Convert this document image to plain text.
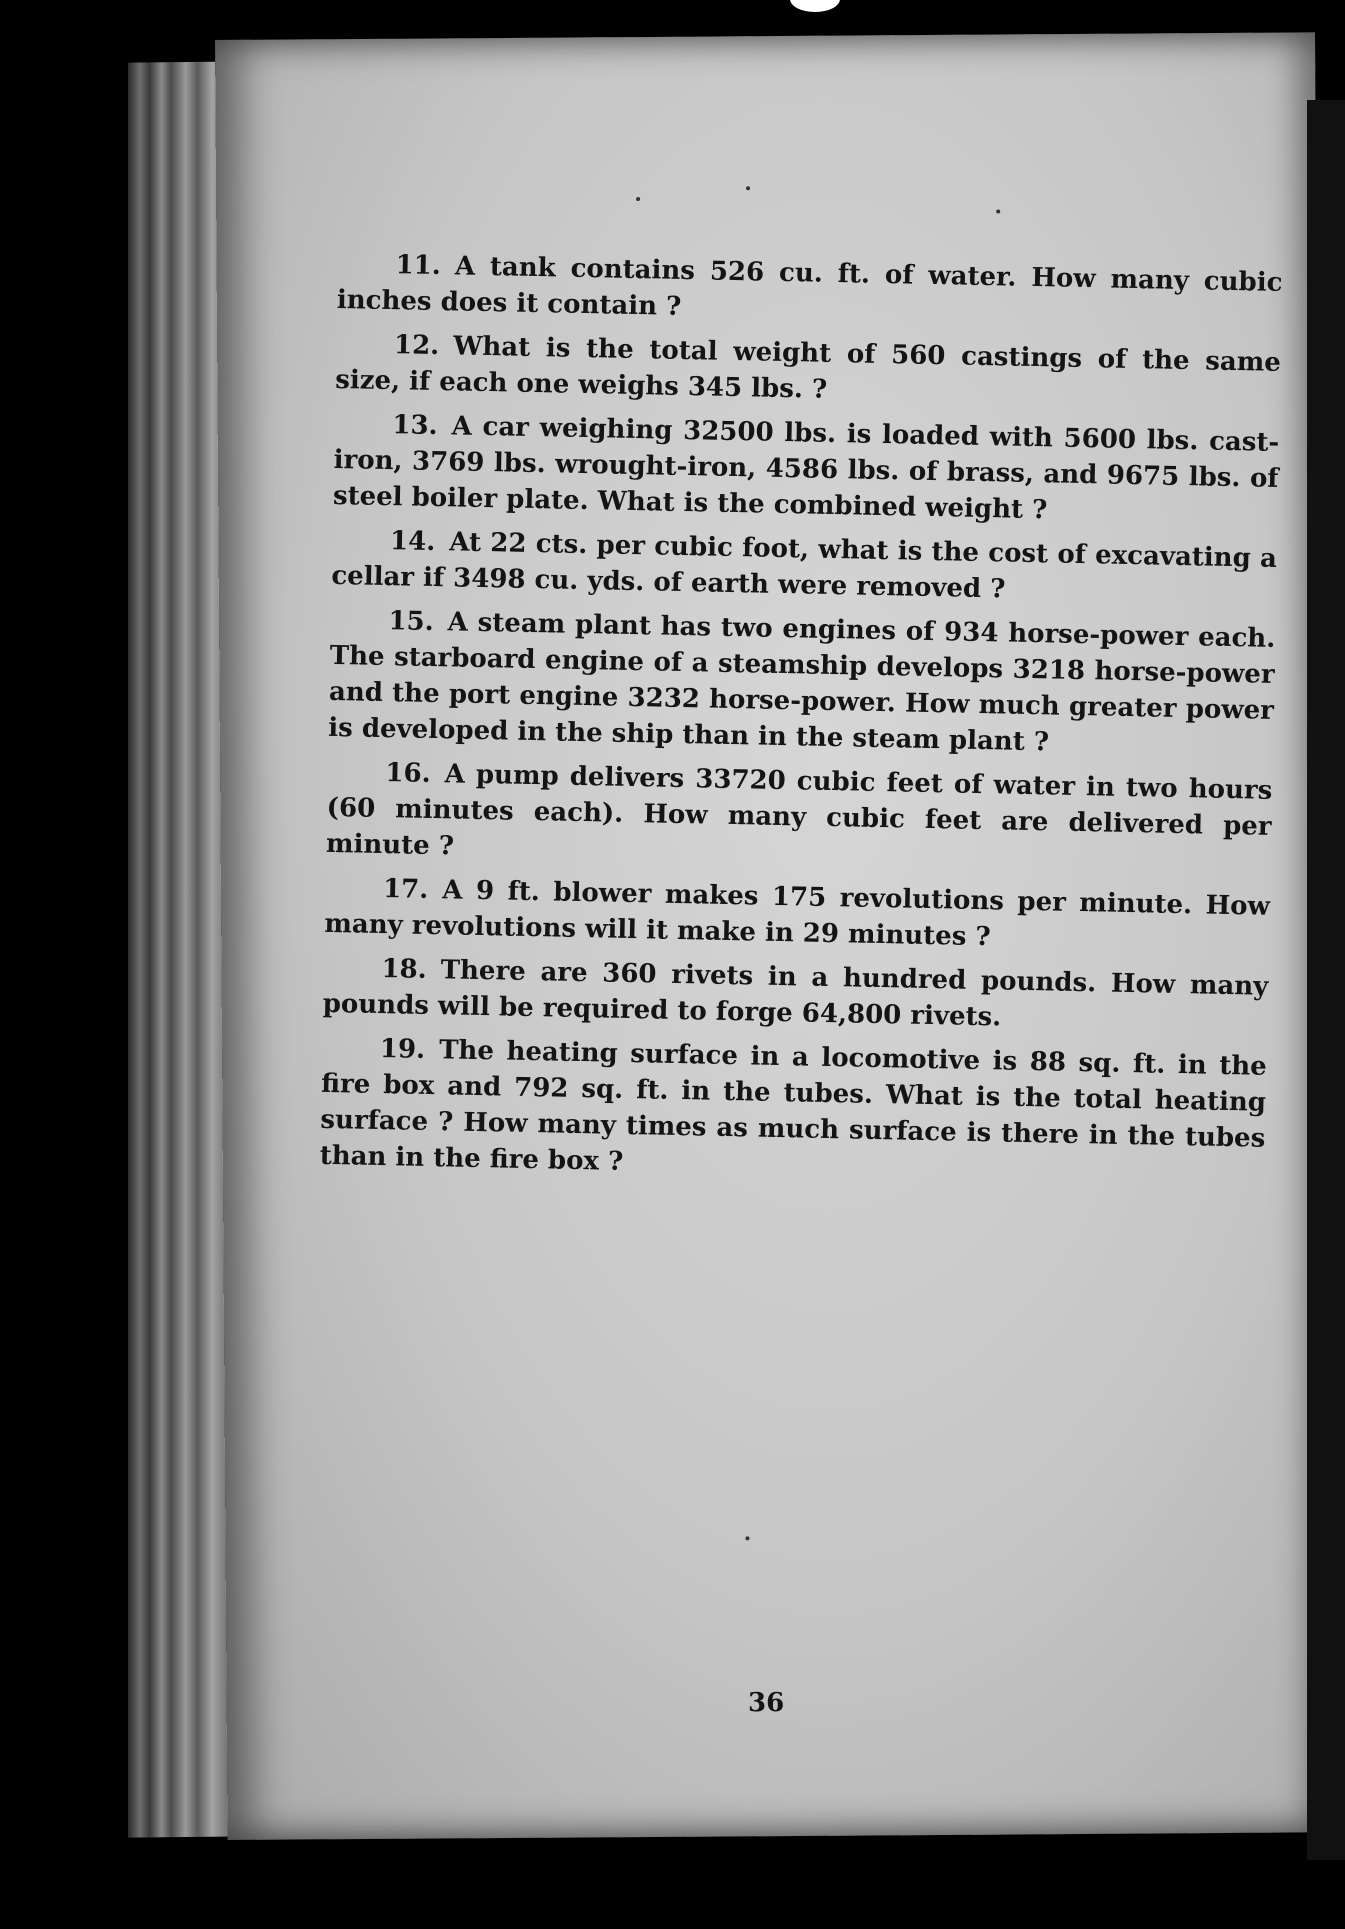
11. A tank contains 526 cu. ft. of water. How many cubic inches does it contain ?

12. What is the total weight of 560 castings of the same size, if each one weighs 345 lbs. ?

13. A car weighing 32500 lbs. is loaded with 5600 lbs. cast-iron, 3769 lbs. wrought-iron, 4586 lbs. of brass, and 9675 lbs. of steel boiler plate. What is the combined weight ?

14. At 22 cts. per cubic foot, what is the cost of excavating a cellar if 3498 cu. yds. of earth were removed ?

15. A steam plant has two engines of 934 horse-power each. The starboard engine of a steamship develops 3218 horse-power and the port engine 3232 horse-power. How much greater power is developed in the ship than in the steam plant ?

16. A pump delivers 33720 cubic feet of water in two hours (60 minutes each). How many cubic feet are delivered per minute ?

17. A 9 ft. blower makes 175 revolutions per minute. How many revolutions will it make in 29 minutes ?

18. There are 360 rivets in a hundred pounds. How many pounds will be required to forge 64,800 rivets.

19. The heating surface in a locomotive is 88 sq. ft. in the fire box and 792 sq. ft. in the tubes. What is the total heating surface ? How many times as much surface is there in the tubes than in the fire box ?

36
